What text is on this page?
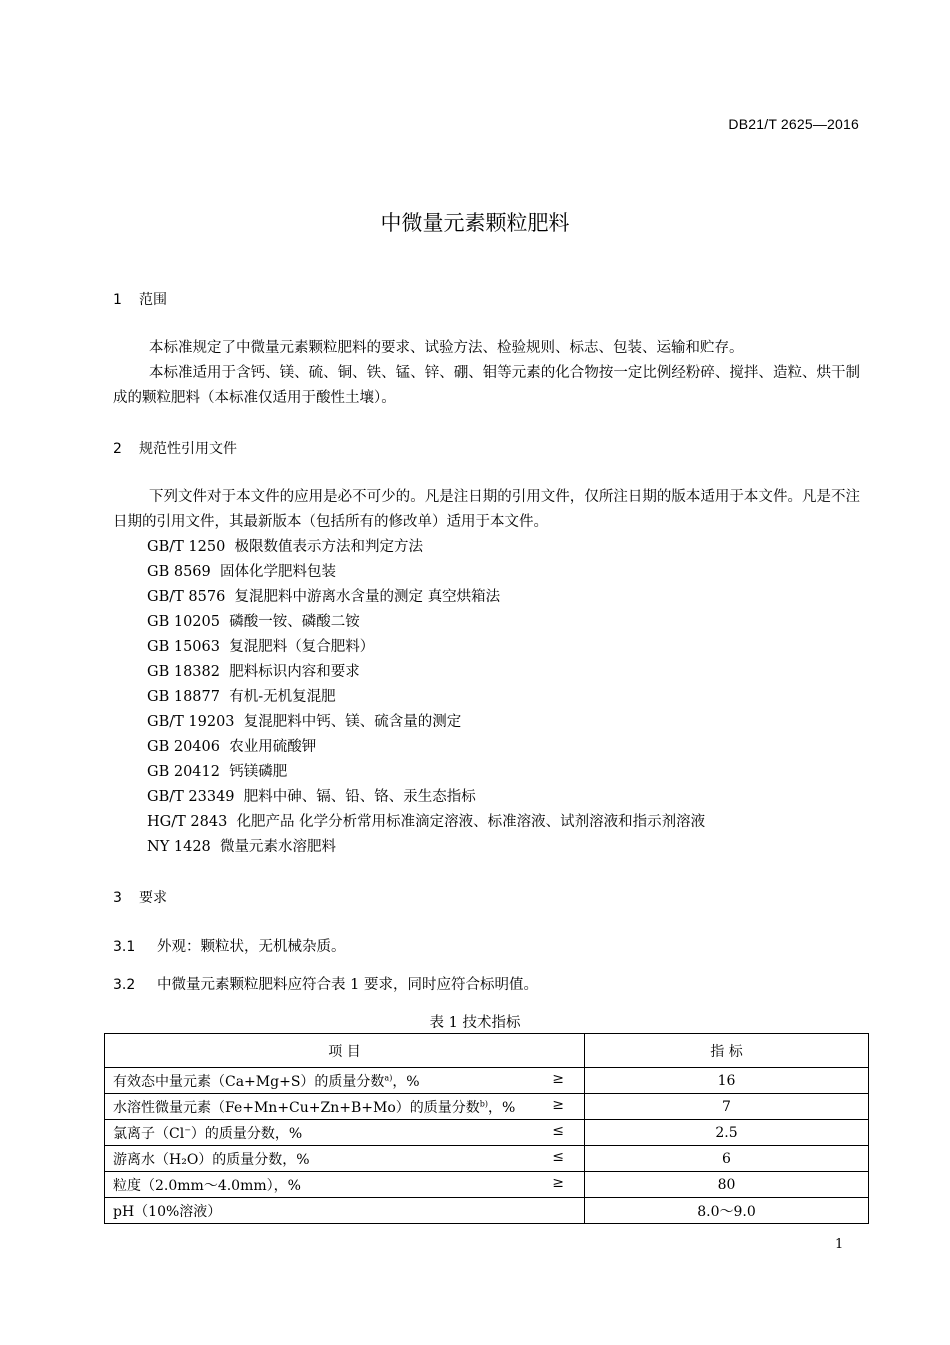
DB21/T 2625—2016
中微量元素颗粒肥料
1 范围
本标准规定了中微量元素颗粒肥料的要求、试验方法、检验规则、标志、包装、运输和贮存。
本标准适用于含钙、镁、硫、铜、铁、锰、锌、硼、钼等元素的化合物按一定比例经粉碎、搅拌、造粒、烘干制成的颗粒肥料（本标准仅适用于酸性土壤）。
2 规范性引用文件
下列文件对于本文件的应用是必不可少的。凡是注日期的引用文件，仅所注日期的版本适用于本文件。凡是不注日期的引用文件，其最新版本（包括所有的修改单）适用于本文件。
GB/T 1250  极限数值表示方法和判定方法
GB 8569  固体化学肥料包装
GB/T 8576  复混肥料中游离水含量的测定 真空烘箱法
GB 10205  磷酸一铵、磷酸二铵
GB 15063  复混肥料（复合肥料）
GB 18382  肥料标识内容和要求
GB 18877  有机-无机复混肥
GB/T 19203  复混肥料中钙、镁、硫含量的测定
GB 20406  农业用硫酸钾
GB 20412  钙镁磷肥
GB/T 23349  肥料中砷、镉、铅、铬、汞生态指标
HG/T 2843  化肥产品 化学分析常用标准滴定溶液、标准溶液、试剂溶液和指示剂溶液
NY 1428  微量元素水溶肥料
3 要求
3.1 外观：颗粒状，无机械杂质。
3.2 中微量元素颗粒肥料应符合表 1 要求，同时应符合标明值。
表 1 技术指标
项 目	指 标
有效态中量元素（Ca+Mg+S）的质量分数$^{a)}$，% ≥	16
水溶性微量元素（Fe+Mn+Cu+Zn+B+Mo）的质量分数$^{b)}$，% ≥	7
氯离子（Cl−）的质量分数，% ≤	2.5
游离水（H₂O）的质量分数，% ≤	6
粒度（2.0mm～4.0mm），% ≥	80
pH（10%溶液）	8.0～9.0
1
